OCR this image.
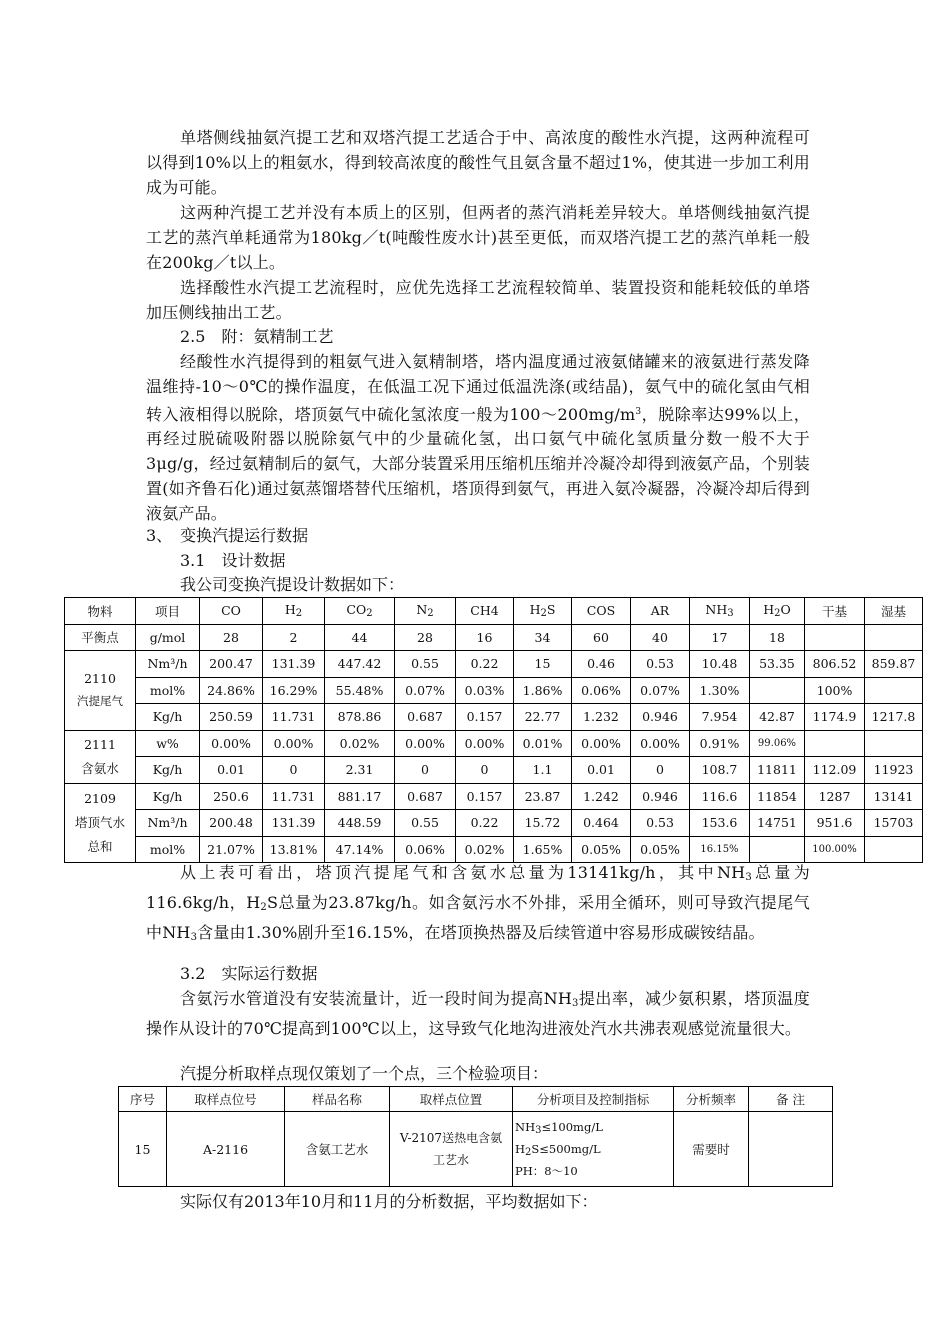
单塔侧线抽氨汽提工艺和双塔汽提工艺适合于中、高浓度的酸性水汽提，这两种流程可以得到10%以上的粗氨水，得到较高浓度的酸性气且氨含量不超过1%，使其进一步加工利用成为可能。

这两种汽提工艺并没有本质上的区别，但两者的蒸汽消耗差异较大。单塔侧线抽氨汽提工艺的蒸汽单耗通常为180kg／t(吨酸性废水计)甚至更低，而双塔汽提工艺的蒸汽单耗一般在200kg／t以上。

选择酸性水汽提工艺流程时，应优先选择工艺流程较简单、装置投资和能耗较低的单塔加压侧线抽出工艺。

2.5　附：氨精制工艺

经酸性水汽提得到的粗氨气进入氨精制塔，塔内温度通过液氨储罐来的液氨进行蒸发降温维持-10～0℃的操作温度，在低温工况下通过低温洗涤(或结晶)，氨气中的硫化氢由气相转入液相得以脱除，塔顶氨气中硫化氢浓度一般为$100\sim 200mg/m^3$，脱除率达99%以上，再经过脱硫吸附器以脱除氨气中的少量硫化氢，出口氨气中硫化氢质量分数一般不大于3μg/g，经过氨精制后的氨气，大部分装置采用压缩机压缩并冷凝冷却得到液氨产品，个别装置(如齐鲁石化)通过氨蒸馏塔替代压缩机，塔顶得到氨气，再进入氨冷凝器，冷凝冷却后得到液氨产品。

3、　变换汽提运行数据

3.1　设计数据

我公司变换汽提设计数据如下：

物料	项目	CO	$H_2$	$CO_2$	$N_2$	CH4	$H_2S$	COS	AR	$NH_3$	$H_2O$	干基	湿基
平衡点	g/mol	28	2	44	28	16	34	60	40	17	18		
2110
汽提尾气	Nm³/h	200.47	131.39	447.42	0.55	0.22	15	0.46	0.53	10.48	53.35	806.52	859.87
	mol%	24.86%	16.29%	55.48%	0.07%	0.03%	1.86%	0.06%	0.07%	1.30%		100%	
	Kg/h	250.59	11.731	878.86	0.687	0.157	22.77	1.232	0.946	7.954	42.87	1174.9	1217.8
2111
含氨水	w%	0.00%	0.00%	0.02%	0.00%	0.00%	0.01%	0.00%	0.00%	0.91%	99.06%		
	Kg/h	0.01	0	2.31	0	0	1.1	0.01	0	108.7	11811	112.09	11923
2109
塔顶气水
总和	Kg/h	250.6	11.731	881.17	0.687	0.157	23.87	1.242	0.946	116.6	11854	1287	13141
	Nm³/h	200.48	131.39	448.59	0.55	0.22	15.72	0.464	0.53	153.6	14751	951.6	15703
	mol%	21.07%	13.81%	47.14%	0.06%	0.02%	1.65%	0.05%	0.05%	16.15%		100.00%	

从上表可看出，塔顶汽提尾气和含氨水总量为13141kg/h，其中$NH_3$总量为116.6kg/h，$H_2S$总量为23.87kg/h。如含氨污水不外排，采用全循环，则可导致汽提尾气中$NH_3$含量由1.30%剧升至16.15%，在塔顶换热器及后续管道中容易形成碳铵结晶。

3.2　实际运行数据

含氨污水管道没有安装流量计，近一段时间为提高$NH_3$提出率，减少氨积累，塔顶温度操作从设计的70℃提高到100℃以上，这导致气化地沟进液处汽水共沸表观感觉流量很大。

汽提分析取样点现仅策划了一个点，三个检验项目：

序号	取样点位号	样品名称	取样点位置	分析项目及控制指标	分析频率	备 注
15	A-2116	含氨工艺水	V-2107送热电含氨
工艺水	$NH_3\le 100mg/L$
$H_2S\le 500mg/L$
PH：8～10	需要时	

实际仅有2013年10月和11月的分析数据，平均数据如下：
